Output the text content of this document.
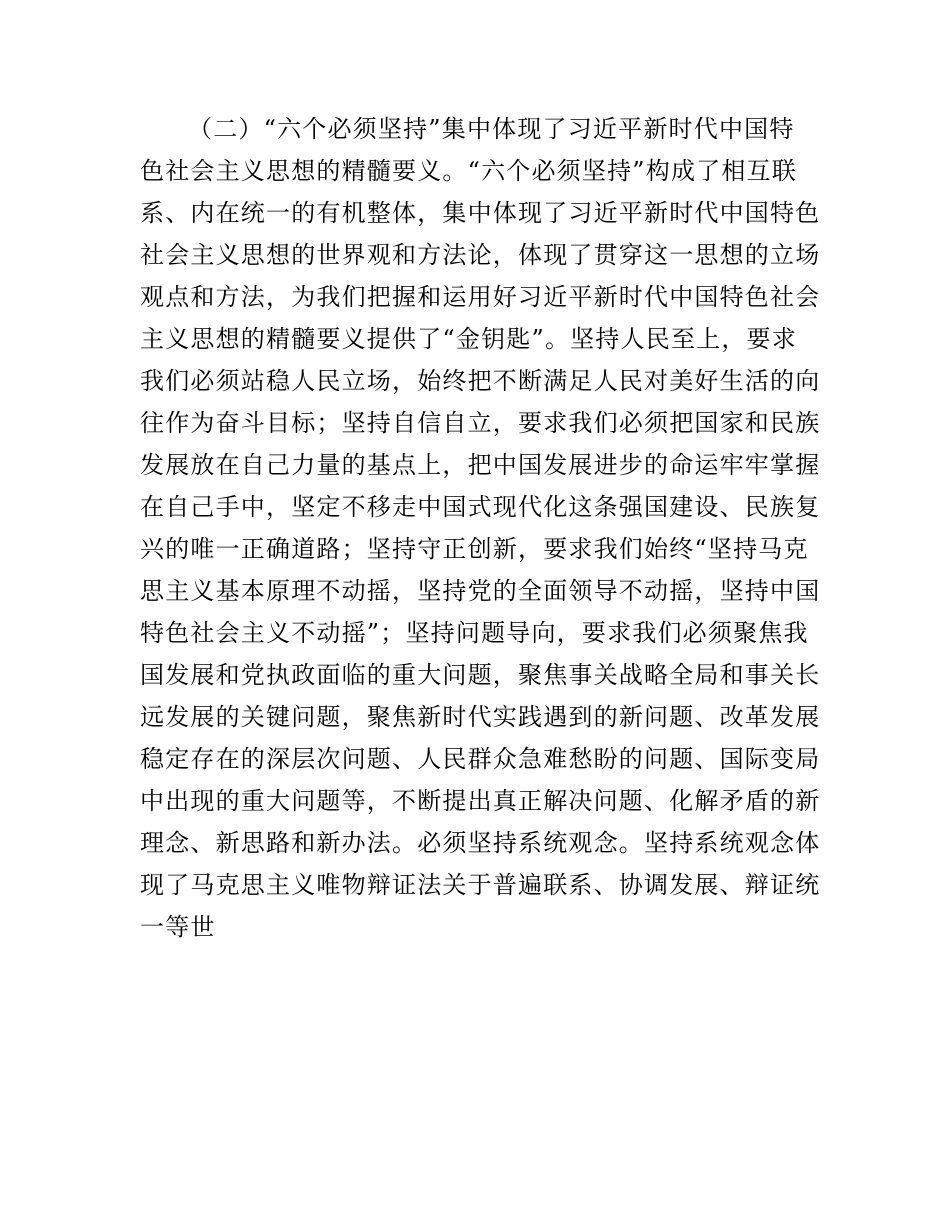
（二）“六个必须坚持”集中体现了习近平新时代中国特
色社会主义思想的精髓要义。“六个必须坚持”构成了相互联
系、内在统一的有机整体，集中体现了习近平新时代中国特色
社会主义思想的世界观和方法论，体现了贯穿这一思想的立场
观点和方法，为我们把握和运用好习近平新时代中国特色社会
主义思想的精髓要义提供了“金钥匙”。坚持人民至上，要求
我们必须站稳人民立场，始终把不断满足人民对美好生活的向
往作为奋斗目标；坚持自信自立，要求我们必须把国家和民族
发展放在自己力量的基点上，把中国发展进步的命运牢牢掌握
在自己手中，坚定不移走中国式现代化这条强国建设、民族复
兴的唯一正确道路；坚持守正创新，要求我们始终“坚持马克
思主义基本原理不动摇，坚持党的全面领导不动摇，坚持中国
特色社会主义不动摇”；坚持问题导向，要求我们必须聚焦我
国发展和党执政面临的重大问题，聚焦事关战略全局和事关长
远发展的关键问题，聚焦新时代实践遇到的新问题、改革发展
稳定存在的深层次问题、人民群众急难愁盼的问题、国际变局
中出现的重大问题等，不断提出真正解决问题、化解矛盾的新
理念、新思路和新办法。必须坚持系统观念。坚持系统观念体
现了马克思主义唯物辩证法关于普遍联系、协调发展、辩证统
一等世
